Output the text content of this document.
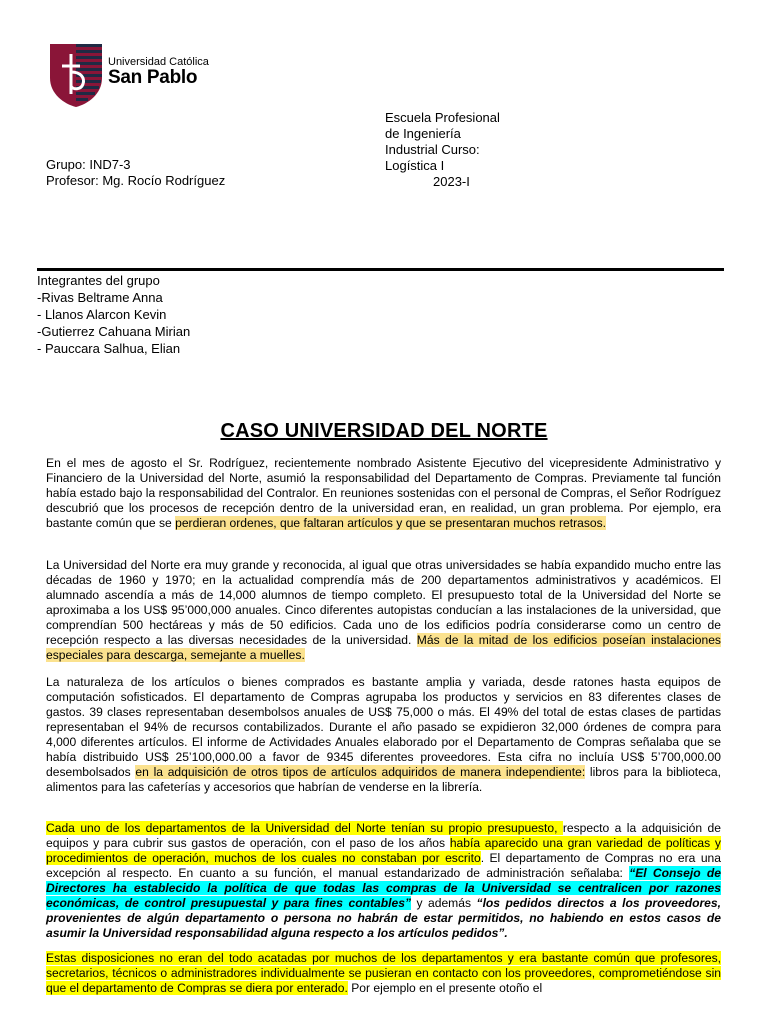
Universidad Católica
San Pablo
Escuela Profesional
de Ingeniería
Industrial Curso:
Logística I
2023-I
Grupo: IND7-3
Profesor: Mg. Rocío Rodríguez
Integrantes del grupo
-Rivas Beltrame Anna
- Llanos Alarcon Kevin
-Gutierrez Cahuana Mirian
- Pauccara Salhua, Elian
CASO UNIVERSIDAD DEL NORTE
En el mes de agosto el Sr. Rodríguez, recientemente nombrado Asistente Ejecutivo del vicepresidente Administrativo y Financiero de la Universidad del Norte, asumió la responsabilidad del Departamento de Compras. Previamente tal función había estado bajo la responsabilidad del Contralor. En reuniones sostenidas con el personal de Compras, el Señor Rodríguez descubrió que los procesos de recepción dentro de la universidad eran, en realidad, un gran problema. Por ejemplo, era bastante común que se perdieran ordenes, que faltaran artículos y que se presentaran muchos retrasos.
La Universidad del Norte era muy grande y reconocida, al igual que otras universidades se había expandido mucho entre las décadas de 1960 y 1970; en la actualidad comprendía más de 200 departamentos administrativos y académicos. El alumnado ascendía a más de 14,000 alumnos de tiempo completo. El presupuesto total de la Universidad del Norte se aproximaba a los US$ 95’000,000 anuales. Cinco diferentes autopistas conducían a las instalaciones de la universidad, que comprendían 500 hectáreas y más de 50 edificios. Cada uno de los edificios podría considerarse como un centro de recepción respecto a las diversas necesidades de la universidad. Más de la mitad de los edificios poseían instalaciones especiales para descarga, semejante a muelles.
La naturaleza de los artículos o bienes comprados es bastante amplia y variada, desde ratones hasta equipos de computación sofisticados. El departamento de Compras agrupaba los productos y servicios en 83 diferentes clases de gastos. 39 clases representaban desembolsos anuales de US$ 75,000 o más. El 49% del total de estas clases de partidas representaban el 94% de recursos contabilizados. Durante el año pasado se expidieron 32,000 órdenes de compra para 4,000 diferentes artículos. El informe de Actividades Anuales elaborado por el Departamento de Compras señalaba que se había distribuido US$ 25’100,000.00 a favor de 9345 diferentes proveedores. Esta cifra no incluía US$ 5’700,000.00 desembolsados en la adquisición de otros tipos de artículos adquiridos de manera independiente: libros para la biblioteca, alimentos para las cafeterías y accesorios que habrían de venderse en la librería.
Cada uno de los departamentos de la Universidad del Norte tenían su propio presupuesto, respecto a la adquisición de equipos y para cubrir sus gastos de operación, con el paso de los años había aparecido una gran variedad de políticas y procedimientos de operación, muchos de los cuales no constaban por escrito. El departamento de Compras no era una excepción al respecto. En cuanto a su función, el manual estandarizado de administración señalaba: “El Consejo de Directores ha establecido la política de que todas las compras de la Universidad se centralicen por razones económicas, de control presupuestal y para fines contables” y además “los pedidos directos a los proveedores, provenientes de algún departamento o persona no habrán de estar permitidos, no habiendo en estos casos de asumir la Universidad responsabilidad alguna respecto a los artículos pedidos”.
Estas disposiciones no eran del todo acatadas por muchos de los departamentos y era bastante común que profesores, secretarios, técnicos o administradores individualmente se pusieran en contacto con los proveedores, comprometiéndose sin que el departamento de Compras se diera por enterado. Por ejemplo en el presente otoño el
